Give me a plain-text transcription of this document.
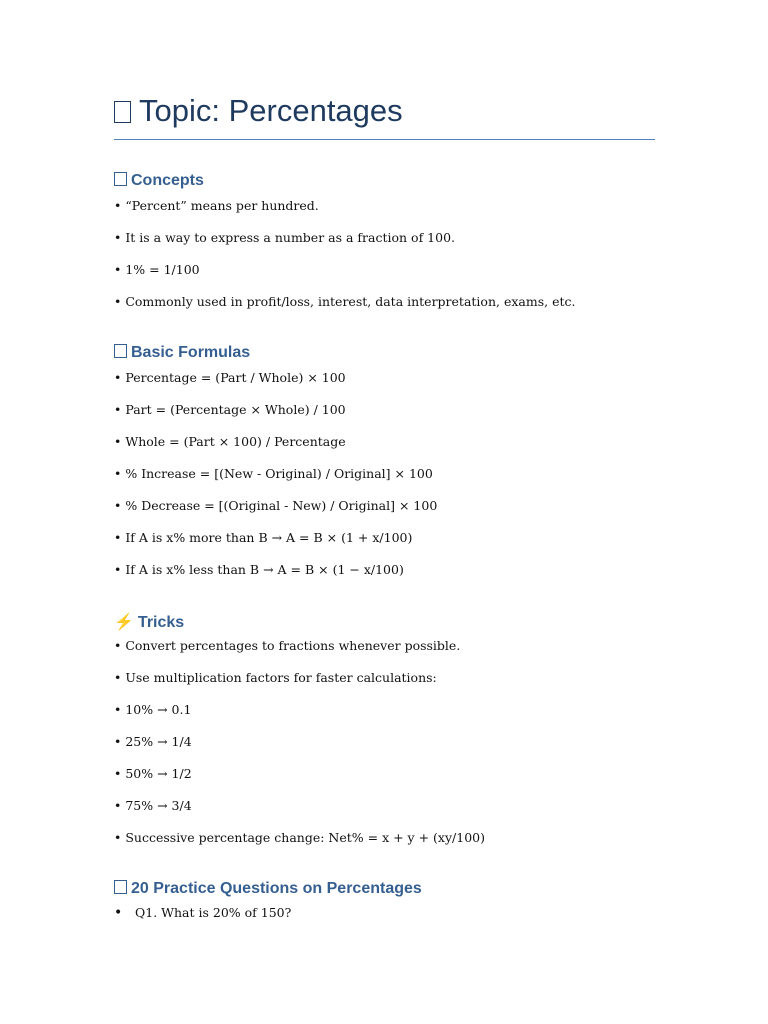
Topic: Percentages
Concepts
• “Percent” means per hundred.
• It is a way to express a number as a fraction of 100.
• 1% = 1/100
• Commonly used in profit/loss, interest, data interpretation, exams, etc.
Basic Formulas
• Percentage = (Part / Whole) × 100
• Part = (Percentage × Whole) / 100
• Whole = (Part × 100) / Percentage
• % Increase = [(New - Original) / Original] × 100
• % Decrease = [(Original - New) / Original] × 100
• If A is x% more than B → A = B × (1 + x/100)
• If A is x% less than B → A = B × (1 − x/100)
⚡ Tricks
• Convert percentages to fractions whenever possible.
• Use multiplication factors for faster calculations:
• 10% → 0.1
• 25% → 1/4
• 50% → 1/2
• 75% → 3/4
• Successive percentage change: Net% = x + y + (xy/100)
20 Practice Questions on Percentages
• Q1. What is 20% of 150?
